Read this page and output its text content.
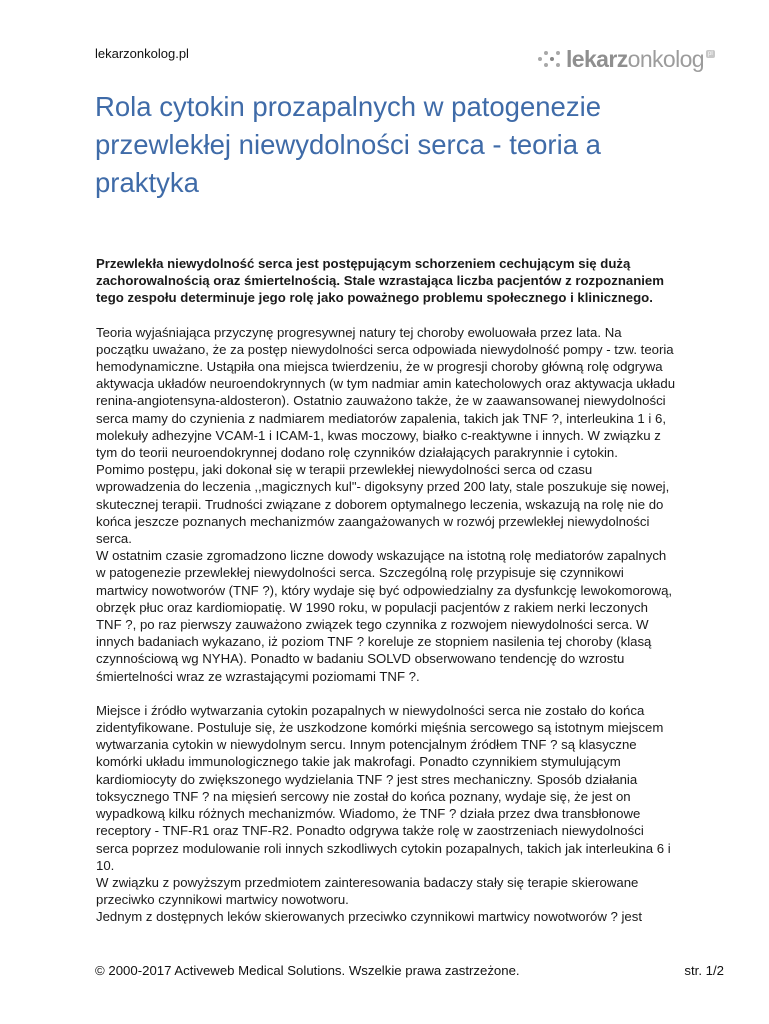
lekarzonkolog.pl	lekarzonkolog pl
Rola cytokin prozapalnych w patogenezie
przewlekłej niewydolności serca - teoria a
praktyka

Przewlekła niewydolność serca jest postępującym schorzeniem cechującym się dużą
zachorowalnością oraz śmiertelnością. Stale wzrastająca liczba pacjentów z rozpoznaniem
tego zespołu determinuje jego rolę jako poważnego problemu społecznego i klinicznego.

Teoria wyjaśniająca przyczynę progresywnej natury tej choroby ewoluowała przez lata. Na
początku uważano, że za postęp niewydolności serca odpowiada niewydolność pompy - tzw. teoria
hemodynamiczne. Ustąpiła ona miejsca twierdzeniu, że w progresji choroby główną rolę odgrywa
aktywacja układów neuroendokrynnych (w tym nadmiar amin katecholowych oraz aktywacja układu
renina-angiotensyna-aldosteron). Ostatnio zauważono także, że w zaawansowanej niewydolności
serca mamy do czynienia z nadmiarem mediatorów zapalenia, takich jak TNF ?, interleukina 1 i 6,
molekuły adhezyjne VCAM-1 i ICAM-1, kwas moczowy, białko c-reaktywne i innych. W związku z
tym do teorii neuroendokrynnej dodano rolę czynników działających parakrynnie i cytokin.
Pomimo postępu, jaki dokonał się w terapii przewlekłej niewydolności serca od czasu
wprowadzenia do leczenia ,,magicznych kul"- digoksyny przed 200 laty, stale poszukuje się nowej,
skutecznej terapii. Trudności związane z doborem optymalnego leczenia, wskazują na rolę nie do
końca jeszcze poznanych mechanizmów zaangażowanych w rozwój przewlekłej niewydolności
serca.
W ostatnim czasie zgromadzono liczne dowody wskazujące na istotną rolę mediatorów zapalnych
w patogenezie przewlekłej niewydolności serca. Szczególną rolę przypisuje się czynnikowi
martwicy nowotworów (TNF ?), który wydaje się być odpowiedzialny za dysfunkcję lewokomorową,
obrzęk płuc oraz kardiomiopatię. W 1990 roku, w populacji pacjentów z rakiem nerki leczonych
TNF ?, po raz pierwszy zauważono związek tego czynnika z rozwojem niewydolności serca. W
innych badaniach wykazano, iż poziom TNF ? koreluje ze stopniem nasilenia tej choroby (klasą
czynnościową wg NYHA). Ponadto w badaniu SOLVD obserwowano tendencję do wzrostu
śmiertelności wraz ze wzrastającymi poziomami TNF ?.

Miejsce i źródło wytwarzania cytokin pozapalnych w niewydolności serca nie zostało do końca
zidentyfikowane. Postuluje się, że uszkodzone komórki mięśnia sercowego są istotnym miejscem
wytwarzania cytokin w niewydolnym sercu. Innym potencjalnym źródłem TNF ? są klasyczne
komórki układu immunologicznego takie jak makrofagi. Ponadto czynnikiem stymulującym
kardiomiocyty do zwiększonego wydzielania TNF ? jest stres mechaniczny. Sposób działania
toksycznego TNF ? na mięsień sercowy nie został do końca poznany, wydaje się, że jest on
wypadkową kilku różnych mechanizmów. Wiadomo, że TNF ? działa przez dwa transbłonowe
receptory - TNF-R1 oraz TNF-R2. Ponadto odgrywa także rolę w zaostrzeniach niewydolności
serca poprzez modulowanie roli innych szkodliwych cytokin pozapalnych, takich jak interleukina 6 i
10.
W związku z powyższym przedmiotem zainteresowania badaczy stały się terapie skierowane
przeciwko czynnikowi martwicy nowotworu.
Jednym z dostępnych leków skierowanych przeciwko czynnikowi martwicy nowotworów ? jest

© 2000-2017 Activeweb Medical Solutions. Wszelkie prawa zastrzeżone.	str. 1/2
